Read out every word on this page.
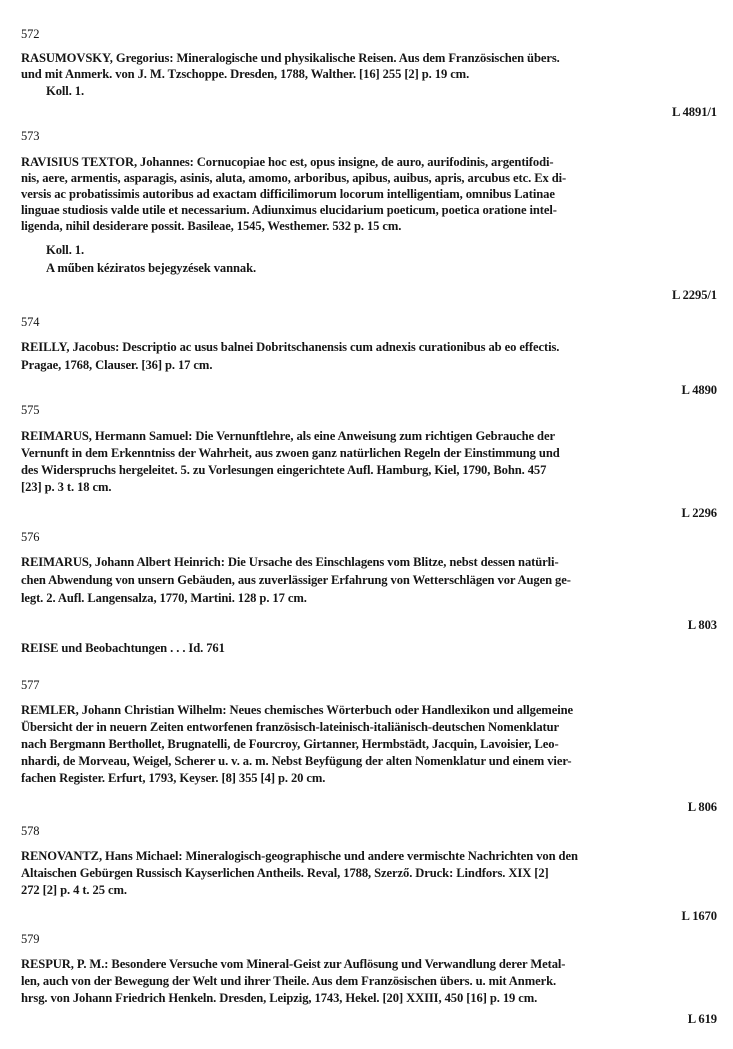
572
RASUMOVSKY, Gregorius: Mineralogische und physikalische Reisen. Aus dem Französischen übers.
und mit Anmerk. von J. M. Tzschoppe. Dresden, 1788, Walther. [16] 255 [2] p. 19 cm.
Koll. 1.
L 4891/1
573
RAVISIUS TEXTOR, Johannes: Cornucopiae hoc est, opus insigne, de auro, aurifodinis, argentifodi-
nis, aere, armentis, asparagis, asinis, aluta, amomo, arboribus, apibus, auibus, apris, arcubus etc. Ex di-
versis ac probatissimis autoribus ad exactam difficilimorum locorum intelligentiam, omnibus Latinae
linguae studiosis valde utile et necessarium. Adiunximus elucidarium poeticum, poetica oratione intel-
ligenda, nihil desiderare possit. Basileae, 1545, Westhemer. 532 p. 15 cm.
Koll. 1.
A műben kéziratos bejegyzések vannak.
L 2295/1
574
REILLY, Jacobus: Descriptio ac usus balnei Dobritschanensis cum adnexis curationibus ab eo effectis.
Pragae, 1768, Clauser. [36] p. 17 cm.
L 4890
575
REIMARUS, Hermann Samuel: Die Vernunftlehre, als eine Anweisung zum richtigen Gebrauche der
Vernunft in dem Erkenntniss der Wahrheit, aus zwoen ganz natürlichen Regeln der Einstimmung und
des Widerspruchs hergeleitet. 5. zu Vorlesungen eingerichtete Aufl. Hamburg, Kiel, 1790, Bohn. 457
[23] p. 3 t. 18 cm.
L 2296
576
REIMARUS, Johann Albert Heinrich: Die Ursache des Einschlagens vom Blitze, nebst dessen natürli-
chen Abwendung von unsern Gebäuden, aus zuverlässiger Erfahrung von Wetterschlägen vor Augen ge-
legt. 2. Aufl. Langensalza, 1770, Martini. 128 p. 17 cm.
L 803
REISE und Beobachtungen . . . Id. 761
577
REMLER, Johann Christian Wilhelm: Neues chemisches Wörterbuch oder Handlexikon und allgemeine
Übersicht der in neuern Zeiten entworfenen französisch-lateinisch-italiänisch-deutschen Nomenklatur
nach Bergmann Berthollet, Brugnatelli, de Fourcroy, Girtanner, Hermbstädt, Jacquin, Lavoisier, Leo-
nhardi, de Morveau, Weigel, Scherer u. v. a. m. Nebst Beyfügung der alten Nomenklatur und einem vier-
fachen Register. Erfurt, 1793, Keyser. [8] 355 [4] p. 20 cm.
L 806
578
RENOVANTZ, Hans Michael: Mineralogisch-geographische und andere vermischte Nachrichten von den
Altaischen Gebürgen Russisch Kayserlichen Antheils. Reval, 1788, Szerző. Druck: Lindfors. XIX [2]
272 [2] p. 4 t. 25 cm.
L 1670
579
RESPUR, P. M.: Besondere Versuche vom Mineral-Geist zur Auflösung und Verwandlung derer Metal-
len, auch von der Bewegung der Welt und ihrer Theile. Aus dem Französischen übers. u. mit Anmerk.
hrsg. von Johann Friedrich Henkeln. Dresden, Leipzig, 1743, Hekel. [20] XXIII, 450 [16] p. 19 cm.
L 619
